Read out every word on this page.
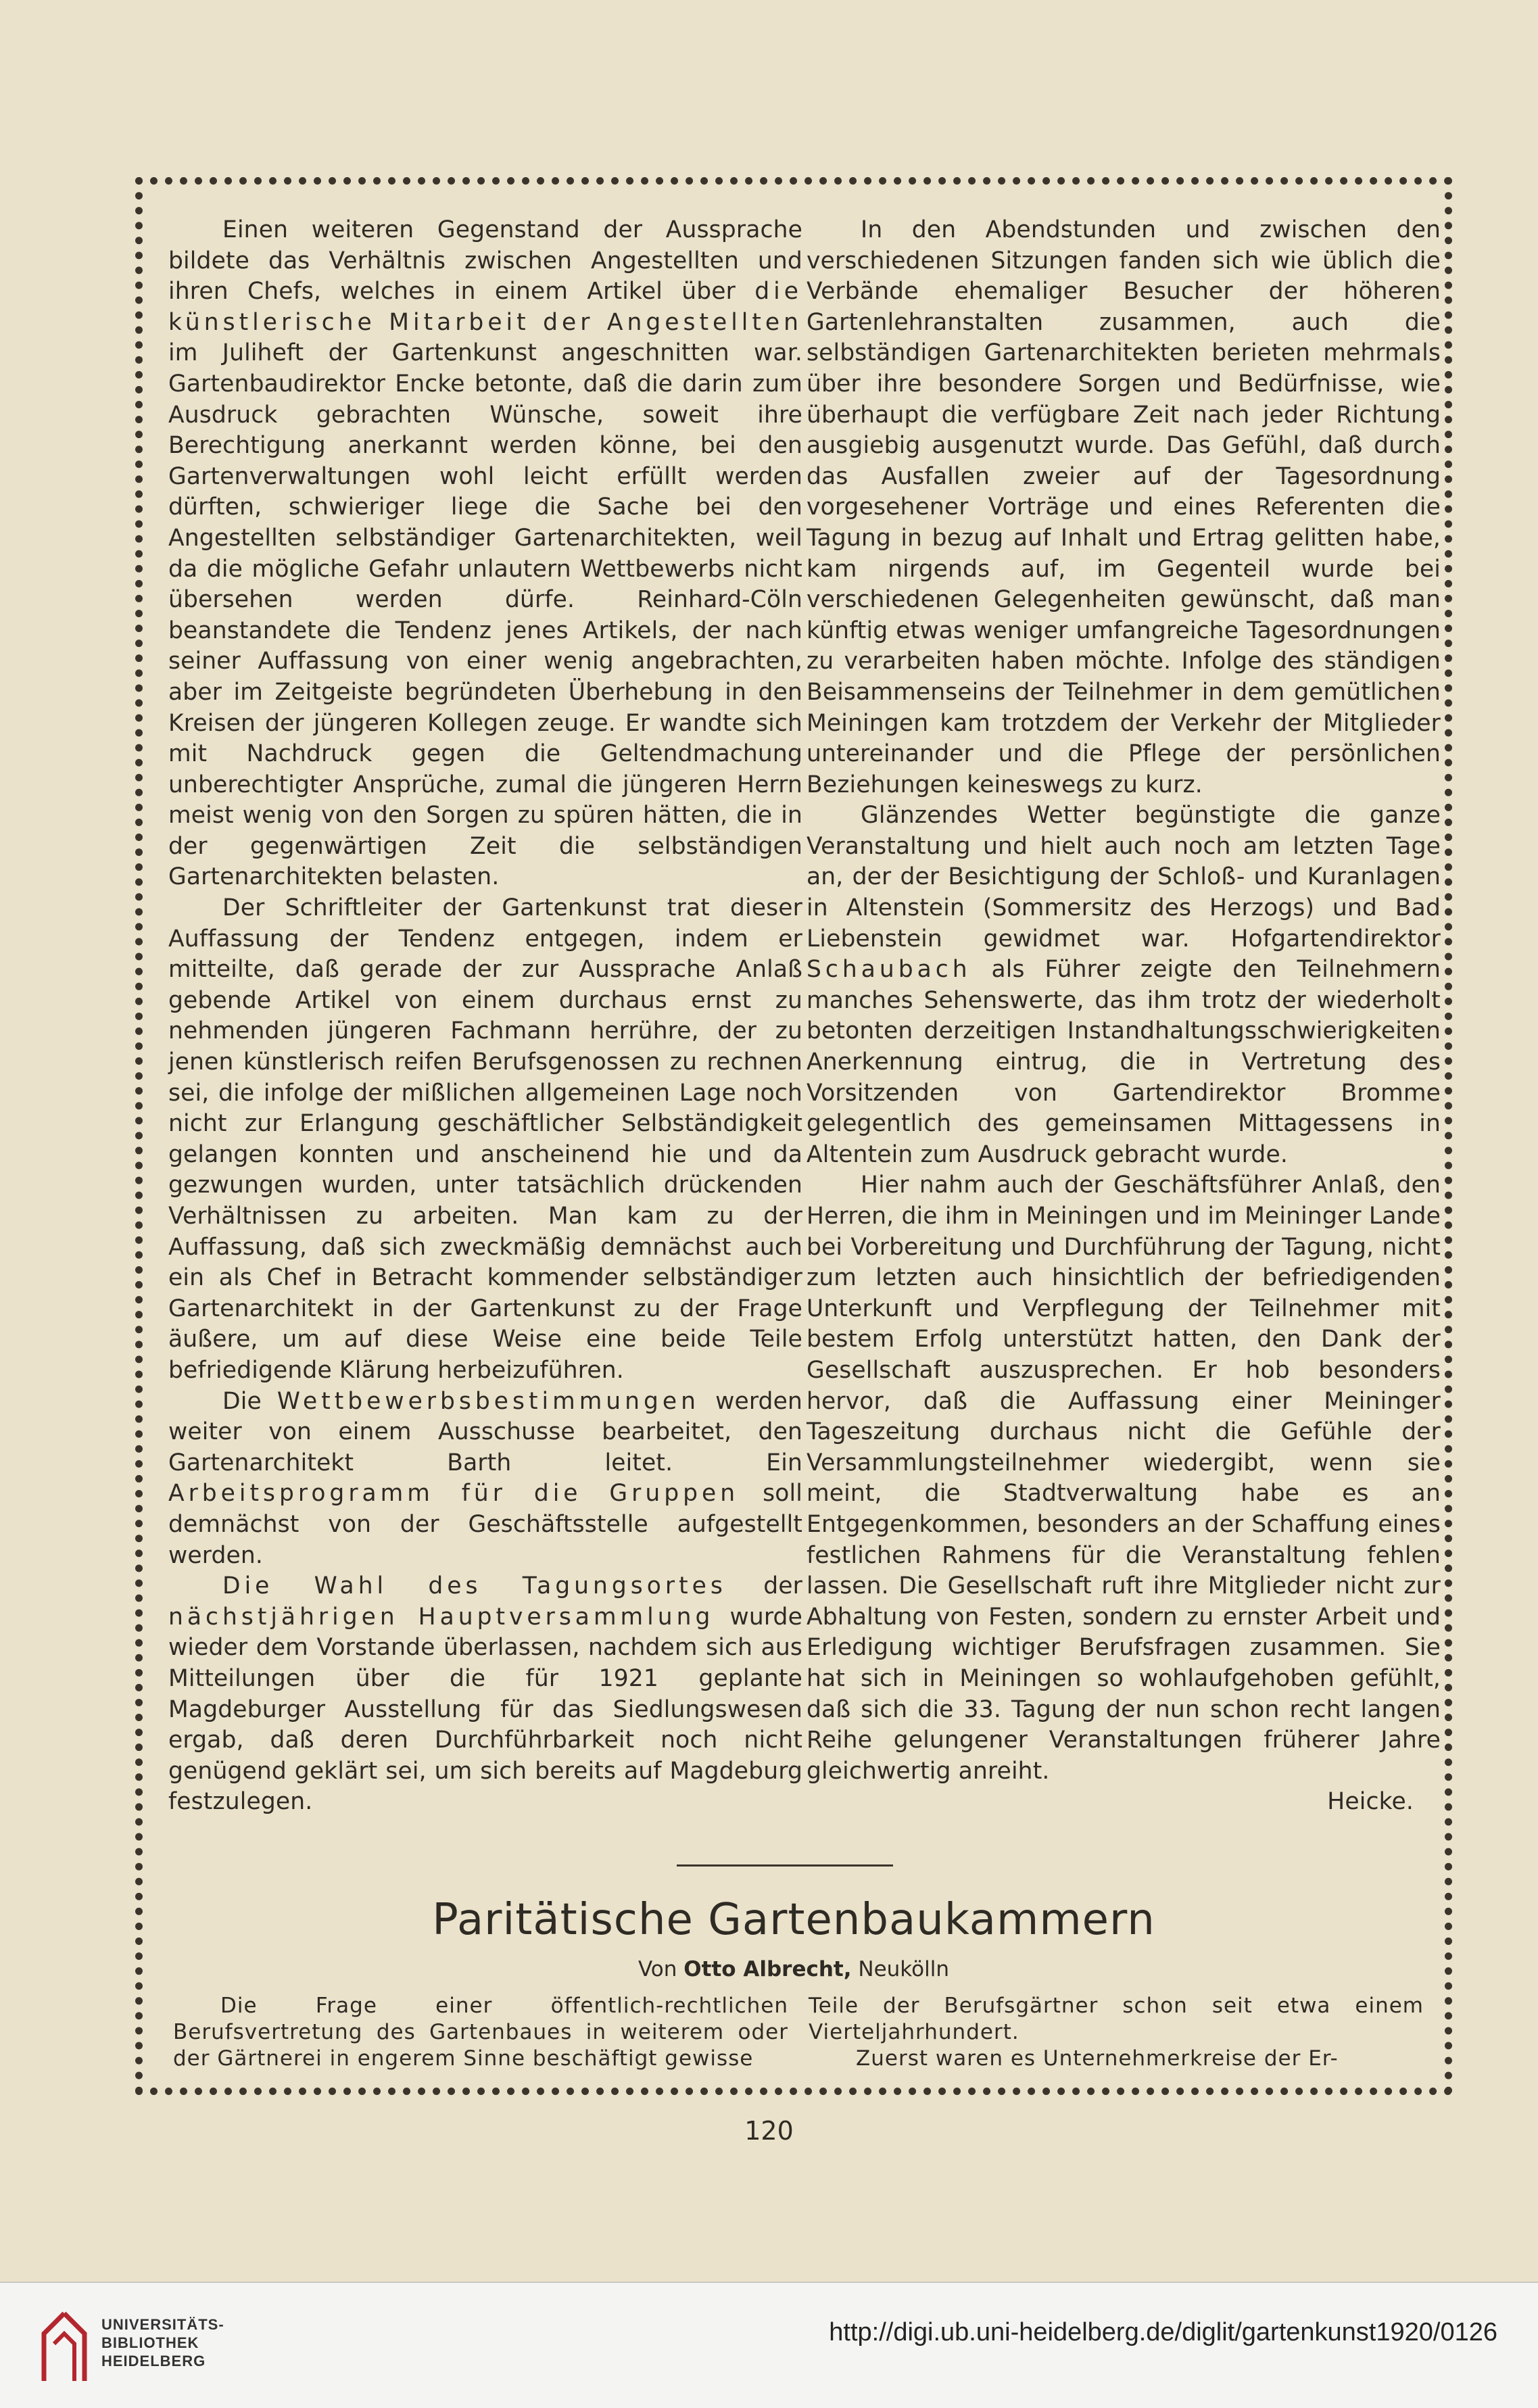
Einen weiteren Gegenstand der Aussprache bildete das Verhältnis zwischen Angestellten und ihren Chefs, welches in einem Artikel über die künstlerische Mitarbeit der Angestellten im Juliheft der Gartenkunst angeschnitten war. Gartenbaudirektor Encke betonte, daß die darin zum Ausdruck gebrachten Wünsche, soweit ihre Berechtigung anerkannt werden könne, bei den Gartenverwaltungen wohl leicht erfüllt werden dürften, schwieriger liege die Sache bei den Angestellten selbständiger Gartenarchitekten, weil da die mögliche Gefahr unlautern Wettbewerbs nicht übersehen werden dürfe. Reinhard-Cöln beanstandete die Tendenz jenes Artikels, der nach seiner Auffassung von einer wenig angebrachten, aber im Zeitgeiste begründeten Überhebung in den Kreisen der jüngeren Kollegen zeuge. Er wandte sich mit Nachdruck gegen die Geltendmachung unberechtigter Ansprüche, zumal die jüngeren Herrn meist wenig von den Sorgen zu spüren hätten, die in der gegenwärtigen Zeit die selbständigen Gartenarchitekten belasten.

Der Schriftleiter der Gartenkunst trat dieser Auffassung der Tendenz entgegen, indem er mitteilte, daß gerade der zur Aussprache Anlaß gebende Artikel von einem durchaus ernst zu nehmenden jüngeren Fachmann herrühre, der zu jenen künstlerisch reifen Berufsgenossen zu rechnen sei, die infolge der mißlichen allgemeinen Lage noch nicht zur Erlangung geschäftlicher Selbständigkeit gelangen konnten und anscheinend hie und da gezwungen wurden, unter tatsächlich drückenden Verhältnissen zu arbeiten. Man kam zu der Auffassung, daß sich zweckmäßig demnächst auch ein als Chef in Betracht kommender selbständiger Gartenarchitekt in der Gartenkunst zu der Frage äußere, um auf diese Weise eine beide Teile befriedigende Klärung herbeizuführen.

Die Wettbewerbsbestimmungen werden weiter von einem Ausschusse bearbeitet, den Gartenarchitekt Barth leitet. Ein Arbeitsprogramm für die Gruppen soll demnächst von der Geschäftsstelle aufgestellt werden.

Die Wahl des Tagungsortes der nächstjährigen Hauptversammlung wurde wieder dem Vorstande überlassen, nachdem sich aus Mitteilungen über die für 1921 geplante Magdeburger Ausstellung für das Siedlungswesen ergab, daß deren Durchführbarkeit noch nicht genügend geklärt sei, um sich bereits auf Magdeburg festzulegen.

In den Abendstunden und zwischen den verschiedenen Sitzungen fanden sich wie üblich die Verbände ehemaliger Besucher der höheren Gartenlehranstalten zusammen, auch die selbständigen Gartenarchitekten berieten mehrmals über ihre besondere Sorgen und Bedürfnisse, wie überhaupt die verfügbare Zeit nach jeder Richtung ausgiebig ausgenutzt wurde. Das Gefühl, daß durch das Ausfallen zweier auf der Tagesordnung vorgesehener Vorträge und eines Referenten die Tagung in bezug auf Inhalt und Ertrag gelitten habe, kam nirgends auf, im Gegenteil wurde bei verschiedenen Gelegenheiten gewünscht, daß man künftig etwas weniger umfangreiche Tagesordnungen zu verarbeiten haben möchte. Infolge des ständigen Beisammenseins der Teilnehmer in dem gemütlichen Meiningen kam trotzdem der Verkehr der Mitglieder untereinander und die Pflege der persönlichen Beziehungen keineswegs zu kurz.

Glänzendes Wetter begünstigte die ganze Veranstaltung und hielt auch noch am letzten Tage an, der der Besichtigung der Schloß- und Kuranlagen in Altenstein (Sommersitz des Herzogs) und Bad Liebenstein gewidmet war. Hofgartendirektor Schaubach als Führer zeigte den Teilnehmern manches Sehenswerte, das ihm trotz der wiederholt betonten derzeitigen Instandhaltungsschwierigkeiten Anerkennung eintrug, die in Vertretung des Vorsitzenden von Gartendirektor Bromme gelegentlich des gemeinsamen Mittagessens in Altentein zum Ausdruck gebracht wurde.

Hier nahm auch der Geschäftsführer Anlaß, den Herren, die ihm in Meiningen und im Meininger Lande bei Vorbereitung und Durchführung der Tagung, nicht zum letzten auch hinsichtlich der befriedigenden Unterkunft und Verpflegung der Teilnehmer mit bestem Erfolg unterstützt hatten, den Dank der Gesellschaft auszusprechen. Er hob besonders hervor, daß die Auffassung einer Meininger Tageszeitung durchaus nicht die Gefühle der Versammlungsteilnehmer wiedergibt, wenn sie meint, die Stadtverwaltung habe es an Entgegenkommen, besonders an der Schaffung eines festlichen Rahmens für die Veranstaltung fehlen lassen. Die Gesellschaft ruft ihre Mitglieder nicht zur Abhaltung von Festen, sondern zu ernster Arbeit und Erledigung wichtiger Berufsfragen zusammen. Sie hat sich in Meiningen so wohlaufgehoben gefühlt, daß sich die 33. Tagung der nun schon recht langen Reihe gelungener Veranstaltungen früherer Jahre gleichwertig anreiht.

Heicke.

Paritätische Gartenbaukammern

Von Otto Albrecht, Neukölln

Die Frage einer öffentlich-rechtlichen Berufsvertretung des Gartenbaues in weiterem oder der Gärtnerei in engerem Sinne beschäftigt gewisse

Teile der Berufsgärtner schon seit etwa einem Vierteljahrhundert.

Zuerst waren es Unternehmerkreise der Er-

120

UNIVERSITÄTS-
BIBLIOTHEK
HEIDELBERG
http://digi.ub.uni-heidelberg.de/diglit/gartenkunst1920/0126
